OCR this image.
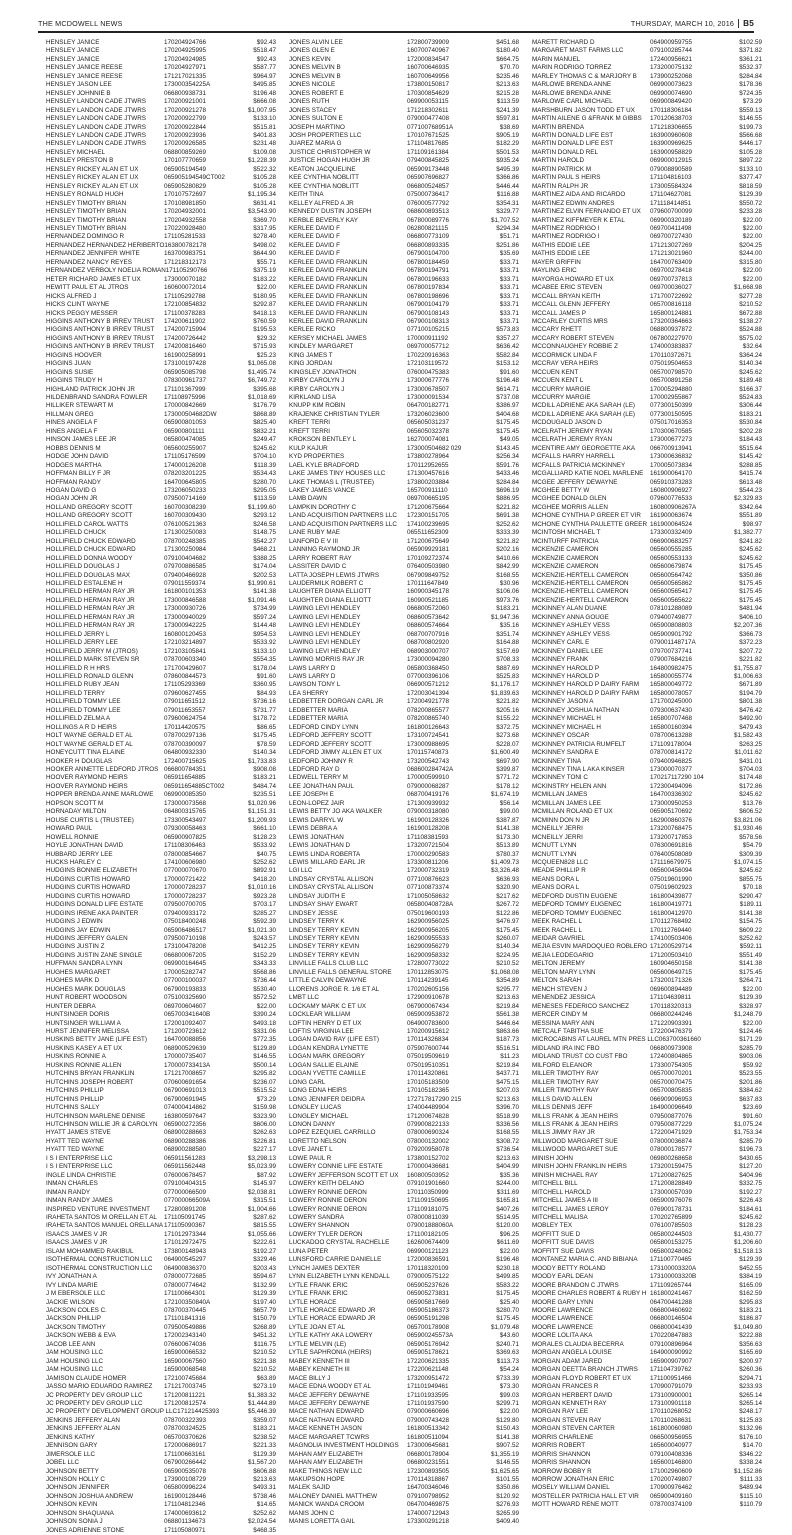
THE MCDOWELL NEWS	THURSDAY, MARCH 10, 2016 B5
HENSLEY JANICE	170204924766	$92.43
HENSLEY JANICE	170204925995	$518.47
HENSLEY JANICE	170204924985	$92.43
HENSLEY JANICE REESE	170204927971	$587.77
HENSLEY JANICE REESE	171217021335	$964.97
HENSLEY JASON LEE	173000354225A	$495.85
HENSLEY JOHNNIE B	066800938731	$196.48
HENSLEY LANDON CADE JTWRS	170200921001	$666.08
HENSLEY LANDON CADE JTWRS	170200921278	$1,007.95
HENSLEY LANDON CADE JTWRS	170200922799	$133.10
HENSLEY LANDON CADE JTWRS	170200922844	$515.81
HENSLEY LANDON CADE JTWRS	170200923936	$401.83
HENSLEY LANDON CADE JTWRS	170200926585	$231.48
HENSLEY MICHAEL	068800859269	$109.08
HENSLEY PRESTON B	170107770659	$1,228.39
HENSLEY RICKEY ALAN ET UX	065905194549	$522.32
HENSLEY RICKEY ALAN ET UX	065905194549CT002	$105.28
HENSLEY RICKEY ALAN ET UX	065905280829	$105.28
HENSLEY RONALD HUGH	170107572697	$1,195.34
HENSLEY TIMOTHY BRIAN	170108981850	$631.41
HENSLEY TIMOTHY BRIAN	170204932001	$3,543.90
HENSLEY TIMOTHY BRIAN	170204932558	$369.70
HENSLEY TIMOTHY BRIAN	170220928480	$317.95
HERNANDEZ DOMINGO R	171105281533	$278.40
HERNANDEZ HERNANDEZ HERIBERTO 163800782178	$498.02
HERNANDEZ JENNIFER WHITE	163700983751	$644.90
HERNANDEZ NANCY REYES	171218312173	$55.71
HERNANDEZ VERBOLY NOELIA ROMAN 171105290766	$375.19
HETER RICHARD JAMES ET UX	173000070182	$183.22
HEWITT PAUL ET AL JTROS	160600072014	$22.00
HICKS ALFRED J	171105292788	$180.95
HICKS CLINT WAYNE	172100854832	$292.87
HICKS PEGGY MESSER	171100378283	$418.13
HIGGINS ANTHONY B IRREV TRUST	174200611902	$760.59
HIGGINS ANTHONY B IRREV TRUST	174200715994	$195.53
HIGGINS ANTHONY B IRREV TRUST	174200726442	$29.32
HIGGINS ANTHONY B IRREV TRUST	174200816460	$715.93
HIGGINS HOOVER	161900258991	$25.23
HIGGINS JUAN	173100197428	$1,065.08
HIGGINS SUSIE	065905085798	$1,495.74
HIGGINS TRUDY H	078300961737	$6,749.72
HIGHLAND PATRICK JOHN JR	171101367999	$395.68
HILDENBRAND SANDRA FOWLER	171108975996	$1,018.69
HILLIKER STEWART M	170000842669	$176.79
HILLMAN GREG	173000504682DW	$868.89
HINES ANGELA F	065900801053	$825.40
HINES ANGELA F	065900801111	$832.21
HINSON JAMES LEE JR	065800474085	$249.47
HOBBS DENNIS M	065600255907	$245.62
HODGE JOHN DAVID	171105176599	$704.10
HODGES MARTHA	174000126208	$118.39
HOFFMAN BILLY F JR	078203201225	$534.43
HOFFMAN RANDY	164700645805	$280.70
HOGAN DAVID G	173206050233	$295.05
HOGAN JOHN JR	079500714169	$113.59
HOLLAND GREGORY SCOTT	160700308239	$1,199.60
HOLLAND GREGORY SCOTT	160700309430	$293.12
HOLLIFIELD CAROL WATTS	076100521363	$246.58
HOLLIFIELD CHUCK	171300250083	$148.75
HOLLIFIELD CHUCK EDWARD	078700248385	$542.27
HOLLIFIELD CHUCK EDWARD	171300250984	$468.21
HOLLIFIELD DONNA WOODY	079100404682	$388.25
HOLLIFIELD DOUGLAS J	079700886585	$174.04
HOLLIFIELD DOUGLAS MAX	079400466928	$202.53
HOLLIFIELD ESTALENE H	079011559374	$1,990.61
HOLLIFIELD HERMAN RAY JR	161800101353	$141.38
HOLLIFIELD HERMAN RAY JR	173000846588	$1,091.46
HOLLIFIELD HERMAN RAY JR	173000930726	$734.99
HOLLIFIELD HERMAN RAY JR	173000940029	$597.24
HOLLIFIELD HERMAN RAY JR	173000942225	$144.48
HOLLIFIELD JERRY L	160800120453	$954.53
HOLLIFIELD JERRY LEE	172103214897	$533.92
HOLLIFIELD JERRY M (JTROS)	172103105841	$133.10
HOLLIFIELD MARK STEVEN SR	078700603340	$554.35
HOLLIFIELD R H HRS	171700429607	$178.04
HOLLIFIELD RONALD GLENN	078600844573	$91.60
HOLLIFIELD RUBY JEAN	171105293369	$360.95
HOLLIFIELD TERRY	079600627455	$84.93
HOLLIFIELD TOMMY LEE	079011651512	$736.16
HOLLIFIELD TOMMY LEE	079011653557	$731.77
HOLLIFIELD ZELMA A	079600624754	$178.72
HOLLINGS A R D HEIRS	170114420575	$86.65
HOLT WAYNE GERALD ET AL	078700297136	$175.45
HOLT WAYNE GERALD ET AL	078700390097	$78.59
HONEYCUTT TINA ELAINE	064800932330	$140.34
HOOKER H DOUGLAS	172400715625	$1,733.83
HOOKER ANNETTE LEDFORD JTROS 066800784351	$908.08
HOOVER RAYMOND HEIRS	065911654885	$183.21
HOOVER RAYMOND HEIRS	065911654885CT002	$484.74
HOPPER BRENDA ANNE MARLOWE	069900085350	$235.51
HOPSON SCOTT M	173000073568	$1,020.96
HORNADAY MILTON	064800315765	$1,151.31
HOUSE CURTIS L (TRUSTEE)	173300543497	$1,209.93
HOWARD PAUL	079300058463	$661.10
HOWELL RONNIE	065900907825	$128.23
HOYLE JONATHAN DAVID	171108306463	$533.92
HUBBARD JERRY LEE	078000854667	$40.75
HUCKS HARLEY C	174100606980	$252.62
HUDGINS BONNIE ELIZABETH	077000070670	$892.91
HUDGINS CURTIS HOWARD	170000721422	$418.20
HUDGINS CURTIS HOWARD	170000728237	$1,010.16
HUDGINS CURTIS HOWARD	170000728237	$923.28
HUDGINS DONALD LIFE ESTATE	079500700705	$703.17
HUDGINS IRENE AKA PAINTER	079400933172	$285.27
HUDGINS J EDWIN	075018400248	$592.39
HUDGINS JAY EDWIN	065906486517	$1,021.30
HUDGINS JEFFERY GALEN	079500710198	$243.57
HUDGINS JUSTIN Z	173100478208	$412.25
HUDGINS JUSTIN ZANE SINGLE	066800067205	$152.29
HUFFMAN SANDRA LYNN	069900164645	$343.33
HUGHES MARGARET	170005282747	$568.86
HUGHES MARK D	077000100037	$736.44
HUGHES MARK DOUGLAS	067900193833	$530.40
HUNT ROBERT WOODSON	075100325690	$572.52
HUNTER DEBRA	069700604607	$22.00
HUNTSINGER DORIS	065700341640B	$390.24
HUNTSINGER WILLIAM A	172001092407	$493.18
HURST JENNIFER MELISSA	171200723612	$331.06
HUSKINS BETTY JANE (LIFE EST)	164700088856	$772.35
HUSKINS KASEY A ET UX	068900529639	$129.89
HUSKINS RONNIE A	170000735407	$146.55
HUSKINS RONNIE ALLEN	170000733413A	$500.14
HUTCHINS BRYAN FRANKLIN	171217008657	$295.82
HUTCHINS JOSEPH ROBERT	070600691654	$236.07
HUTCHINS PHILLIP	067900691013	$515.52
HUTCHINS PHILLIP	067900691945	$73.29
HUTCHINS SALLY	074000414862	$159.98
HUTCHINSON MARLENE DENISE	163800597647	$323.90
HUTCHINSON WILLIE JR & CAROLYN	065900272356	$606.00
HYATT JAMES STEVE	068900288663	$262.63
HYATT TED WAYNE	068900288386	$226.81
HYATT TED WAYNE	068900288580	$227.17
I S I ENTERPRISE LLC	065911561283	$3,298.13
I S I ENTERPRISE LLC	065911562448	$5,023.99
INGLE LINDA CHRISTIE	076000678457	$87.92
INMAN CHARLES	079100404315	$145.97
INMAN RANDY	077000066509	$2,038.81
INMAN RANDY JAMES	077000066509A	$315.51
INSPIRED VENTURE INVESTMENT	172800891208	$1,004.66
IRAHETA SANTOS M ORELLAN ET AL	171105091745	$287.62
IRAHETA SANTOS MANUEL ORELLANA 171105090367	$815.55
ISAACS JAMES V JR	171012973344	$1,055.66
ISAACS JAMES V JR	171012972475	$222.61
ISLAM MOHAMMED RAKIBUL	173800148943	$192.27
ISOTHERMAL CONSTRUCTION LLC	064900545297	$329.46
ISOTHERMAL CONSTRUCTION LLC	064900836370	$203.43
IVY JONATHAN A	078000772685	$594.67
IVY LINDA MARIE	078000774642	$132.99
J M EBERSOLE LLC	171100664301	$129.39
JACKIE WILSON	172100350840A	$197.40
JACKSON COLES C.	078700370445	$657.79
JACKSON PHILLIP	171101841316	$150.79
JACKSON TIMOTHY	079500549886	$268.89
JACKSON WEBB & EVA	172002343140	$451.32
JACOB LEE ANN	076600674036	$116.75
JAM HOUSING LLC	165900066532	$210.52
JAM HOUSING LLC	165900067560	$221.38
JAM HOUSING LLC	165900068548	$210.52
JAMISON CLAUDE HOMER	172100745684	$63.89
JASSO MARIO EDUARDO RAMIREZ	171217003745	$273.19
JC PROPERTY DEV GROUP LLC	171200811221	$1,383.32
JC PROPERTY DEV GROUP LLC	171200812574	$1,444.89
JC PROPERTY DEVELOPMENT GROUP LLC 171214425393	$5,446.39
JENKINS JEFFERY ALAN	078700322393	$359.07
JENKINS JEFFERY ALAN	078700324525	$183.21
JENKINS KATHY	065700370626	$238.52
JENNISON GARY	172000686917	$221.33
JIMERSOLE LLC	171100663161	$129.39
JOBEL LLC	067900266442	$1,567.20
JOHNSON BETTY	065900535078	$606.88
JOHNSON HOLLY C	173900108729	$213.63
JOHNSON JENNIFER	065800996224	$493.31
JOHNSON JOSHUA ANDREW	161900128446	$738.46
JOHNSON KEVIN	171104812346	$14.65
JOHNSON SHAQUANA	174000693612	$252.62
JOHNSON SONIA J	068801134673	$2,024.54
JONES ADRIENNE STONE	171105080971	$468.35
JONES ALVIN LEE	172800739909	$451.68
JONES GLEN E	160700740967	$180.40
JONES KEVIN	172000834547	$664.75
JONES MELVIN B	160700646935	$70.70
JONES MELVIN B	160700649956	$235.46
JONES NICOLE	173800150817	$213.63
JONES ROBERT E	170300854629	$215.28
JONES RUTH	069900053115	$113.59
JONES STACEY	171218302611	$241.39
JONES SULTON E	079000477408	$597.81
JOSEPH MARTINO	077100768951A	$38.69
JOSH PROPERTIES LLC	170107671525	$905.19
JUAREZ MARIA G	171104817685	$182.29
JUSTICE CHRISTOPHER W	171109161384	$501.53
JUSTICE HOGAN HUGH JR	079400845825	$935.24
KEATON JACQUELINE	065909173448	$495.39
KEE CYNTHIA NOBLITT	065907696827	$366.86
KEE CYNTHIA NOBLITT	066800524857	$446.44
KEITH TINA	075000736417	$116.88
KELLEY ALFRED A JR	076000577792	$354.31
KENNEDY DUSTIN JOSEPH	068600893513	$329.77
KERBLE BEVERLY KAY	067800089776	$1,707.52
KERLEE DAVID F	062800821115	$294.34
KERLEE DAVID F	066800773109	$51.71
KERLEE DAVID F	066800893335	$251.86
KERLEE DAVID F	067900104700	$35.69
KERLEE DAVID FRANKLIN	067800184459	$33.71
KERLEE DAVID FRANKLIN	067800194791	$33.71
KERLEE DAVID FRANKLIN	067800196633	$33.71
KERLEE DAVID FRANKLIN	067800197834	$33.71
KERLEE DAVID FRANKLIN	067800198696	$33.71
KERLEE DAVID FRANKLIN	067900104179	$33.71
KERLEE DAVID FRANKLIN	067900108143	$33.71
KERLEE DAVID FRANKLIN	067900108313	$33.71
KERLEE RICKO	077100105215	$573.83
KERSEY MICHAEL JAMES	170000911192	$357.27
KINDLEY MARGARET	069700057712	$636.42
KING JAMES T	170220916363	$582.84
KING JORDAN	172103119572	$153.12
KINGSLEY JONATHON	076000475383	$91.60
KIRBY CAROLYN J	173000677776	$196.48
KIRBY CAROLYN J	173000678507	$614.71
KIRKLAND LISA	173000091534	$737.08
KNUPP KIM ROBIN	064700182771	$386.97
KRAJENKE CHRISTIAN TYLER	173206023600	$404.68
KREFT TERRI	065605031237	$175.45
KREFT TERRI	065605032378	$175.45
KROKSON BENTLEY L	162700074081	$49.05
KULP KAJUR	173000504682 029	$143.45
KYD PROPERTIES	173800278964	$256.34
LAEL KYLE BRADFORD	170112952655	$591.76
LAKE JAMES TINY HOUSES LLC	171300457616	$433.46
LAKE THOMAS L (TRUSTEE)	173800203884	$284.84
LAKEY JAMES VANCE	165700911110	$696.19
LAMB DAWN	069700665195	$886.95
LAMPKIN DOROTHY C	171200675664	$221.82
LAND ACQUISITION PARTNERS LLC	172300151705	$691.38
LAND ACQUISITION PARTNERS LLC	174100239695	$252.62
LANE RUBY MAE	065511652309	$333.39
LANFORD E V III	171200675649	$221.82
LANNING RAYMOND JR	065909929181	$202.16
LARRY ROBERT RAY	170109272374	$410.66
LASSITER DAVID C	076400503980	$842.99
LATTA JOSEPH LEWIS JTWRS	067909849752	$168.55
LAUDERMILK ROBERT C	170111647849	$30.96
LAUGHTER DIANA ELLIOTT	160900345178	$106.06
LAUGHTER DIANA ELLIOTT	160900521185	$973.76
LAWING LEVI HENDLEY	066800572060	$183.21
LAWING LEVI HENDLEY	068600573642	$1,947.36
LAWING LEVI HENDLEY	068600574664	$35.16
LAWING LEVI HENDLEY	068700707916	$351.74
LAWING LEVI HENDLEY	068700802920	$164.88
LAWING LEVI HENDLEY	068903000707	$157.69
LAWING MORRIS RAY JR	173000094280	$708.33
LAWS LARRY D	065800368450	$887.69
LAWS LARRY D	077000396106	$525.83
LAWSON TONY L	066900571212	$1,176.17
LEA SHERRY	172003041394	$1,839.63
LEDBETTER DORGAN CARL JR	172004921778	$221.82
LEDBETTER MARIA	078200865577	$205.16
LEDBETTER MARIA	078200865740	$155.22
LEDFORD CINDY LYNN	161800126643	$372.75
LEDFORD JEFFERY SCOTT	173100724541	$273.68
LEDFORD JEFFERY SCOTT	173000988695	$228.07
LEDFORD JIMMY ALLEN ET UX	170115740873	$1,600.49
LEDFORD JOHNNY R	173200542743	$697.90
LEDFORD RAY D	068600284742A	$399.87
LEDWELL TERRY M	170000599910	$771.72
LEE JONATHAN PAUL	079000068287	$178.12
LEE JOSEPH E	068700419176	$1,674.19
LEON-LOPEZ JAIR	171300939932	$56.14
LEWIS BETTY JO AKA WALKER	079000318080	$99.00
LEWIS DARRYL W	161900128326	$387.87
LEWIS DEBRA A	161900128208	$141.38
LEWIS JONATHAN	171108381593	$173.30
LEWIS JONATHAN D	173200721504	$513.89
LEWIS LINDA ROBERTA	170000290583	$780.37
LEWIS MILLARD EARL JR	173300811206	$1,409.73
LGI LLC	172000732319	$3,326.48
LINDSAY CRYSTAL ALLISON	077100876623	$636.93
LINDSAY CRYSTAL ALLISON	077100873374	$320.90
LINDSAY JUDITH E	171005058632	$217.62
LINDSAY SHAY EWART	065800408728A	$267.72
LINDSEY JESSE	075019600193	$122.86
LINDSEY TERRY K	162900956025	$476.97
LINDSEY TERRY KEVIN	162900956205	$175.45
LINDSEY TERRY KEVIN	162900955533	$260.07
LINDSEY TERRY KEVIN	162900956279	$140.34
LINDSEY TERRY KEVIN	162900958332	$224.95
LINVILLE FALLS CLUB LLC	172800773022	$210.52
LINVILLE FALLS GENERAL STORE	170112853075	$1,068.08
LITTLE CALVIN DEWAYNE	170114239145	$354.89
LLORENS JORGE R. 1/6 ET AL	170202605156	$295.77
LMBT LLC	172900910678	$213.63
LOCKAMY MARK C ET UX	067900067434	$219.84
LOCKLEAR WILLIAM	065900953872	$561.38
LOFTIN HENRY D ET UX	064900783600	$446.64
LOFTIS VIRGINIA LEE	170200915612	$863.66
LOGAN DAVID RAY (LIFE EST)	170114326834	$187.73
LOGAN KENDRA LYNETTE	075907600744	$516.51
LOGAN MARK GREGORY	075019509619	$11.23
LOGAN SALLIE ELAINE	075019510351	$219.84
LOGAN YVETTE CAMILLE	170114320861	$437.71
LONG CARL	170105183509	$475.15
LONG EDNA HEIRS	170105182365	$207.03
LONG JENNIFER DEIDRA	172717817290 215	$213.63
LONGLEY LUCAS	174004489904	$396.70
LONGLEY MICHAEL	171200674828	$518.99
LONON DANNY	079900822133	$336.56
LOPEZ EZEQUIEL CARRILLO	078000690324	$168.55
LORETTO NELSON	078000132002	$308.72
LOVE JANET L	079200958078	$736.54
LOWE PAUL R	173800152702	$213.63
LOWERY CONNIE LIFE ESTATE	170000436681	$404.99
LOWERY JEFFERSON SCOTT ET UX	160800503952	$35.36
LOWERY KEITH DELANO	079101901660	$244.00
LOWERY RONNIE DERON	170110350999	$311.69
LOWERY RONNIE DERON	171109150695	$165.81
LOWERY RONNIE DERON	171109181075	$407.26
LOWERY SANDRA	078000811039	$514.95
LOWERY SHANNON	079001888060A	$120.00
LOWERY TYLER DERON	171100182105	$96.25
LUCKADOO CRYSTAL RACHELLE	162600674409	$611.69
LUNA PETER	069900121123	$22.00
LUNSFORD CARRIE DANIELLE	172000836591	$196.48
LYNCH JAMES DEXTER	170118320109	$230.18
LYNN ELIZABETH LYNN KENDALL	079000575122	$499.85
LYTLE FRANK ERIC	065905237626	$583.22
LYTLE FRANK ERIC	065905273831	$175.45
LYTLE HORACE	065905817669	$25.40
LYTLE HORACE EDWARD JR	065905186373	$280.70
LYTLE HORACE EDWARD JR	065905191298	$175.45
LYTLE JOAN ET AL	065700178908	$1,079.48
LYTLE KATHY AKA LOWERY	065900245573A	$43.60
LYTLE MELVIN (LE)	065905176942	$240.71
LYTLE SAPHRONIA (HEIRS)	065905178621	$369.63
MABEY KENNETH III	172200621335	$113.73
MABEY KENNETH III	172200621148	$54.24
MACE BILLY J	173200951472	$733.39
MACE EDNA WOODY ET AL	171101949461	$73.30
MACE JEFFERY DEWAYNE	171101933595	$99.03
MACE JEFFERY DEWAYNE	171101937590	$299.71
MACE NATHAN EDWARD	079000660696	$22.00
MACE NATHAN EDWARD	079000743428	$129.80
MACE KENNETH JASON	161800513342	$150.43
MACE MARGARET TCWRS	161800511094	$141.38
MAGNOLIA INVESTMENT HOLDINGS	173000645681	$907.52
MAHAN AMY ELIZABETH	066800178904	$1,355.19
MAHAN AMY ELIZABETH	066800231551	$146.55
MAKE THINGS NEW LLC	172300893505	$1,625.65
MAKUPSON HOPE	170114318867	$101.55
MALEK SAJID	164700346046	$350.86
MALONEY DANIEL MATTHEW	079100798952	$120.92
MANICK WANDA CROOM	064700469875	$276.93
MANIS JOHN C	174000712943	$265.99
MANIS LORETTA GAIL	173300291218	$409.40
MARETT RICHARD D	064900959755	$102.59
MARGARET MAST FARMS LLC	079100285744	$371.82
MARIN MANUEL	172400956621	$361.21
MARIN RODRIGO TORREZ	173200075132	$532.37
MARLEY THOMAS C & MARJORY B	173900252068	$284.84
MARLOWE BRENDA ANNE	069900073623	$178.36
MARLOWE BRENDA ANNE	069900074690	$724.35
MARLOWE CARL MICHAEL	069900849420	$73.29
MARSHBURN JASON TODD ET UX	170118306184	$559.13
MARTIN AILENE G &FRANK M GIBBS	170120638703	$146.55
MARTIN BRENDA	171218306655	$199.73
MARTIN DONALD LIFE EST	163900960608	$566.68
MARTIN DONALD LIFE EST	163900969625	$446.17
MARTIN DONALD REL	163900958829	$105.28
MARTIN HAROLD	069900012915	$897.22
MARTIN PATRICK M	079008890589	$133.10
MARTIN PAUL S HEIRS	171104816103	$377.47
MARTIN RALPH JR	173005584324	$818.59
MARTINEZ AIDA AND RICARDO	171104627081	$129.39
MARTINEZ EDWIN ANDRES	171118414851	$550.72
MARTINEZ ELVIN FERNANDO ET UX	079600700099	$233.28
MARTINEZ KIFFMEYER K ETAL	069900320189	$22.00
MARTINEZ RODRIGO I	069700411498	$22.00
MARTINEZ RODRIGO I	069700727430	$22.00
MATHIS EDDIE LEE	171213027269	$204.25
MATHIS EDDIE LEE	171213021960	$244.00
MAYER GRIFFIN	164700763409	$315.80
MAYLING ERIC	069700278418	$22.00
MAYORGA HOWARD ET UX	069700737813	$22.00
MCABEE ERIC STEVEN	069700036027	$1,668.98
MCCALL BRYAN KEITH	171700722692	$277.28
MCCALL GLENN JEFFERY	065700816118	$210.52
MCCALL JAMES P	165800124881	$672.88
MCCARLEY CURTIS MRS	173200364663	$138.27
MCCARY RHETT	068800937872	$524.88
MCCARY ROBERT STEVEN	067800227970	$575.02
MCCONNAUGHEY ROBBIE Z	174000383837	$32.64
MCCORMICK LINDA F	170110372671	$364.24
MCCRAY VERA HEIRS	075019504653	$140.34
MCCUEN KENT	065700798570	$245.62
MCCUEN KENT L	065700891258	$189.48
MCCURRY MARGIE	170005294880	$166.37
MCCURRY MARGIE	170002955867	$524.83
MCDILL ADRIENE AKA SARAH (LE)	077300150399	$306.44
MCDILL ADRIENE AKA SARAH (LE)	077300150595	$183.21
MCDOUGALD JASON D	075017016353	$530.84
MCELRATH JEREMY RYAN	170300670585	$202.28
MCELRATH JEREMY RYAN	173000677273	$184.43
MCENTIRE AMY GEORGETTE AKA	066700913941	$515.64
MCFALLS HARRY HARRELL	173000636832	$145.42
MCFALLS PATRICIA MCKINNEY	170005073834	$288.85
MCGALLIARD KATIE NOEL MARLENE	161900064170	$415.74
MCGEE JEFFERY DEWAYNE	065910373283	$613.48
MCGHEE BETTY W	160800906927	$544.23
MCGHEE DONALD GLEN	079600776533	$2,329.83
MCGHEE MORRIS ALLEN	160800906267A	$342.64
MCHONE CYNTHIA P GREER ET VIR	161900063674	$551.89
MCHONE CYNTHIA PAULETTE GREER 161900064524	$98.97
MCINTOSH MICHAEL T	173300332409	$1,382.77
MCINTURFF PATRICIA	066900683257	$241.82
MCKENZIE CAMERON	065600555285	$245.62
MCKENZIE CAMERON	065600553133	$245.62
MCKENZIE CAMERON	065600679874	$175.45
MCKENZIE-HERTELL CAMERON	065600564742	$350.86
MCKENZIE-HERTELL CAMERON	065600565862	$175.45
MCKENZIE-HERTELL CAMERON	065600565417	$175.45
MCKENZIE-HERTELL CAMERON	065600565622	$175.45
MCKINNEY ALAN DUANE	078101288089	$481.94
MCKINNEY ANNA GOUGE	079400749877	$406.10
MCKINNEY ASHLEY VESS	065900808803	$2,207.36
MCKINNEY ASHLEY VESS	065900901792	$366.73
MCKINNEY CARL E	079001148717A	$372.23
MCKINNEY DANIEL LEE	079700737741	$207.72
MCKINNEY FRANK	079007684216	$221.82
MCKINNEY HAROLD P	164800982475	$1,755.87
MCKINNEY HAROLD P	165800055774	$1,006.63
MCKINNEY HAROLD P DAIRY FARM	165800049772	$671.89
MCKINNEY HAROLD P DAIRY FARM	165800078057	$194.79
MCKINNEY JASON A	171700245000	$801.38
MCKINNEY JOSHUA NATHAN	079300637430	$476.42
MCKINNEY MICHAEL H	165800707468	$492.90
MCKINNEY MICHAEL H	165800160394	$479.43
MCKINNEY OSCAR	078700613288	$1,582.43
MCKINNEY PATRICIA RUMFELT	171109178004	$263.25
MCKINNEY SANDRA E	078700814172	$1,011.62
MCKINNEY TINA	079400946825	$431.01
MCKINNEY TINA L AKA KINSER	173000070377	$704.03
MCKINNEY TONI C	170217117290 104	$174.48
MCKINSTRY HELEN ANN	172300494096	$172.86
MCMILLAN JAMES	164700336302	$245.62
MCMILLAN JAMES LEE	173000950253	$13.76
MCMILLAN ROLAND ET UX	065905170692	$606.52
MCMINN DON N JR	162900860376	$3,821.06
MCNEILLY JERRI	173200768475	$1,930.46
MCNEILLY JERRI	173200717853	$578.56
MCNUTT LYNN	076300691816	$54.79
MCNUTT LYNN	076400508089	$309.39
MCQUEEN828 LLC	171116679975	$1,074.15
MEADE PHILLIP R	065600456094	$245.62
MEANS DORA L	075019601990	$855.75
MEANS DORA L	075019602923	$70.18
MEDFORD DUSTIN EUGENE	161800439877	$290.47
MEDFORD TOMMY EUGENEC	161800419771	$189.11
MEDFORD TOMMY EUGENEC	161800412970	$141.38
MEEK RACHEL L	170112768492	$154.75
MEEK RACHEL L	170112769440	$609.22
MEIDAR GAVRIEL	174100503406	$252.62
MEJIA ESVIN MARDOQUEO ROBLERO 171200529714	$592.11
MEJIA LEODEGARIO	171200503410	$551.49
MELTON JEREMY	160904650158	$141.38
MELTON MARY LYNN	065600649715	$175.45
MELTON SARAH	173200171326	$264.71
MENCH STEVEN J	069600894489	$22.00
MENENDEZ JESSICA	171104639811	$129.39
MENESES FEDERICO SANCHEZ	170118320313	$328.97
MERCER CINDY M	066800244246	$1,248.79
MESSINA MARY ANN	171220903391	$22.00
METCALF TABITHA SUE	172200476379	$124.46
MICROCABINS AT LAUREL MTN PRES LLC 063700361660	$171.29
MIDLAND IRA INC FBO	066800973908	$285.79
MIDLAND TRUST CO CUST FBO	172400804865	$903.06
MILFORD ELEANOR	173300754305	$59.92
MILLER TIMOTHY RAY	065700070201	$523.55
MILLER TIMOTHY RAY	065700070475	$201.86
MILLER TIMOTHY RAY	065700805835	$384.62
MILLS DAVID ALLEN	066909096953	$637.83
MILLS DENNIS JEFF	164900096649	$23.69
MILLS FRANK & JEAN HEIRS	079500877076	$91.60
MILLS FRANK & JEAN HEIRS	079500877229	$1,075.24
MILLS JIMMY RAY JR	172200471929	$1,753.34
MILLWOOD MARGARET SUE	078000036874	$285.79
MILLWOOD MARGARET SUE	078000178577	$196.73
MINISH JOHN	069800268658	$430.65
MINISH JOHN FRANKLIN HEIRS	173200159475	$127.20
MINISH MICHAEL RAY	171200827625	$404.96
MITCHELL BILL	171200828849	$332.75
MITCHELL HAROLD	173000057039	$192.27
MITCHELL JAMES A III	065900976076	$226.43
MITCHELL JAMES LEROY	076900178731	$184.61
MITCHELL MALISA	170202765899	$245.62
MOBLEY TEX	076100785503	$128.23
MOFFITT SUE D	065800244503	$1,430.77
MOFFITT SUE DAVIS	065800153275	$1,206.60
MOFFITT SUE DAVIS	065800248062	$1,518.13
MONTANEZ MARIA C. AND BIBIANA	171100770465	$129.39
MOODY BETTY ROLAND	173100003320A	$452.55
MOODY EARL DEAN	173100003320B	$384.19
MOORE BRANDON C JTWRS	171109265744	$165.09
MOORE CHARLES ROBERT & RUBY H 161800241467	$162.59
MOORE GARY LYNN	064700441288	$295.83
MOORE LAWRENCE	066800460692	$183.21
MOORE LAWRENCE	066800146504	$186.87
MOORE LAWRENCE	066800041439	$1,049.80
MOORE LOLITA AKA	170220847883	$222.88
MORALES CLAUDIA BECERRA	079100896964	$356.63
MORGAN ANGELA LOUISE	164900090992	$165.69
MORGAN ADAM JARED	165900907907	$200.97
MORGAN DEETTA BRANCH JTWRS	171104739762	$260.36
MORGAN FLOYD ROBERT ET UX	171100951466	$294.71
MORGAN FRANCES R	170900791079	$233.93
MORGAN HERBERT DAVID	173100900001	$265.14
MORGAN KENNETH RAY	173100901118	$265.14
MORGAN RAY LEE	170110268052	$248.17
MORGAN STEVEN RAY	170110268631	$125.83
MORGAN STEVEN CARTER	161800060980	$132.96
MORRIS CHARLENE	066500956955	$176.10
MORRIS ROBERT	165600040977	$14.70
MORRIS SHANNON	079100408336	$346.22
MORRIS SHANNON	165600146800	$338.24
MORROW BOBBY R	171002960609	$1,152.86
MORROW JONATHAN ERIC	170200749807	$111.33
MOSELY WILLIAM DANIEL	170900976462	$489.94
MOSTELLER PATRICIA HALL ET VIR	065900409160	$115.10
MOTT HOWARD RENE MOTT	078700374109	$110.79
